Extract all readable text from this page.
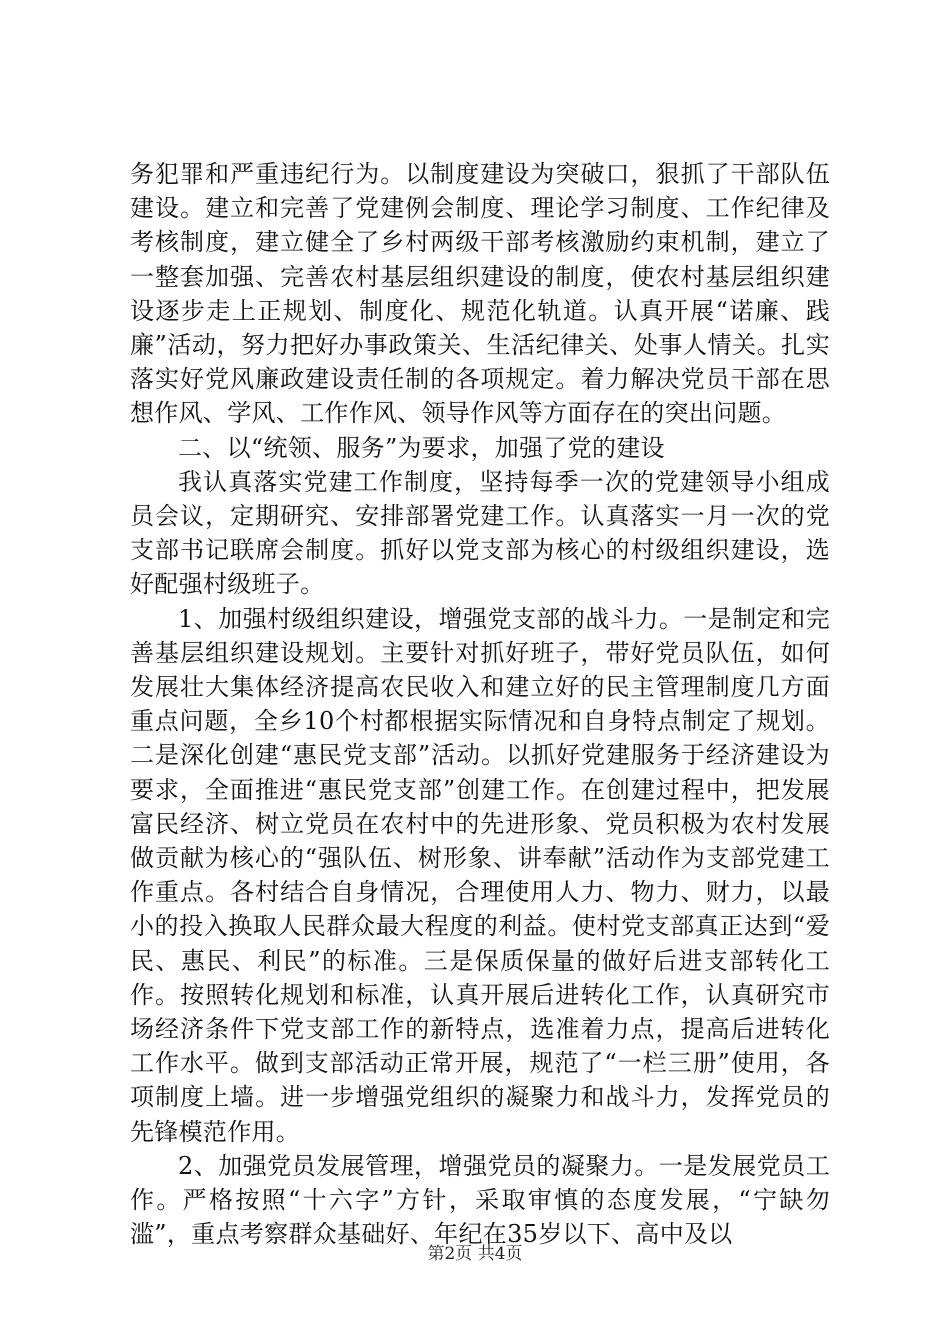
务犯罪和严重违纪行为。以制度建设为突破口，狠抓了干部队伍建设。建立和完善了党建例会制度、理论学习制度、工作纪律及考核制度，建立健全了乡村两级干部考核激励约束机制，建立了一整套加强、完善农村基层组织建设的制度，使农村基层组织建设逐步走上正规划、制度化、规范化轨道。认真开展“诺廉、践廉”活动，努力把好办事政策关、生活纪律关、处事人情关。扎实落实好党风廉政建设责任制的各项规定。着力解决党员干部在思想作风、学风、工作作风、领导作风等方面存在的突出问题。

二、以“统领、服务”为要求，加强了党的建设

我认真落实党建工作制度，坚持每季一次的党建领导小组成员会议，定期研究、安排部署党建工作。认真落实一月一次的党支部书记联席会制度。抓好以党支部为核心的村级组织建设，选好配强村级班子。

1、加强村级组织建设，增强党支部的战斗力。一是制定和完善基层组织建设规划。主要针对抓好班子，带好党员队伍，如何发展壮大集体经济提高农民收入和建立好的民主管理制度几方面重点问题，全乡10个村都根据实际情况和自身特点制定了规划。二是深化创建“惠民党支部”活动。以抓好党建服务于经济建设为要求，全面推进“惠民党支部”创建工作。在创建过程中，把发展富民经济、树立党员在农村中的先进形象、党员积极为农村发展做贡献为核心的“强队伍、树形象、讲奉献”活动作为支部党建工作重点。各村结合自身情况，合理使用人力、物力、财力，以最小的投入换取人民群众最大程度的利益。使村党支部真正达到“爱民、惠民、利民”的标准。三是保质保量的做好后进支部转化工作。按照转化规划和标准，认真开展后进转化工作，认真研究市场经济条件下党支部工作的新特点，选准着力点，提高后进转化工作水平。做到支部活动正常开展，规范了“一栏三册”使用，各项制度上墙。进一步增强党组织的凝聚力和战斗力，发挥党员的先锋模范作用。

2、加强党员发展管理，增强党员的凝聚力。一是发展党员工作。严格按照“十六字”方针，采取审慎的态度发展，“宁缺勿滥”，重点考察群众基础好、年纪在35岁以下、高中及以

第2页 共4页
